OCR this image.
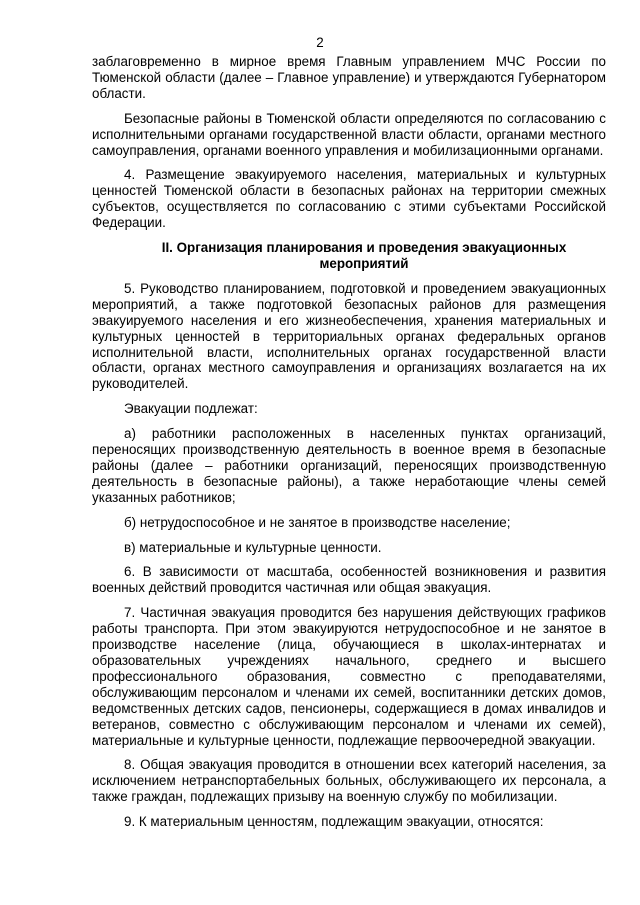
2

заблаговременно в мирное время Главным управлением МЧС России по Тюменской области (далее – Главное управление) и утверждаются Губернатором области.

Безопасные районы в Тюменской области определяются по согласованию с исполнительными органами государственной власти области, органами местного самоуправления, органами военного управления и мобилизационными органами.

4. Размещение эвакуируемого населения, материальных и культурных ценностей Тюменской области в безопасных районах на территории смежных субъектов, осуществляется по согласованию с этими субъектами Российской Федерации.

II. Организация планирования и проведения эвакуационных мероприятий

5. Руководство планированием, подготовкой и проведением эвакуационных мероприятий, а также подготовкой безопасных районов для размещения эвакуируемого населения и его жизнеобеспечения, хранения материальных и культурных ценностей в территориальных органах федеральных органов исполнительной власти, исполнительных органах государственной власти области, органах местного самоуправления и организациях возлагается на их руководителей.

Эвакуации подлежат:

а) работники расположенных в населенных пунктах организаций, переносящих производственную деятельность в военное время в безопасные районы (далее – работники организаций, переносящих производственную деятельность в безопасные районы), а также неработающие члены семей указанных работников;

б) нетрудоспособное и не занятое в производстве население;

в) материальные и культурные ценности.

6. В зависимости от масштаба, особенностей возникновения и развития военных действий проводится частичная или общая эвакуация.

7. Частичная эвакуация проводится без нарушения действующих графиков работы транспорта. При этом эвакуируются нетрудоспособное и не занятое в производстве население (лица, обучающиеся в школах-интернатах и образовательных учреждениях начального, среднего и высшего профессионального образования, совместно с преподавателями, обслуживающим персоналом и членами их семей, воспитанники детских домов, ведомственных детских садов, пенсионеры, содержащиеся в домах инвалидов и ветеранов, совместно с обслуживающим персоналом и членами их семей), материальные и культурные ценности, подлежащие первоочередной эвакуации.

8. Общая эвакуация проводится в отношении всех категорий населения, за исключением нетранспортабельных больных, обслуживающего их персонала, а также граждан, подлежащих призыву на военную службу по мобилизации.

9. К материальным ценностям, подлежащим эвакуации, относятся:
